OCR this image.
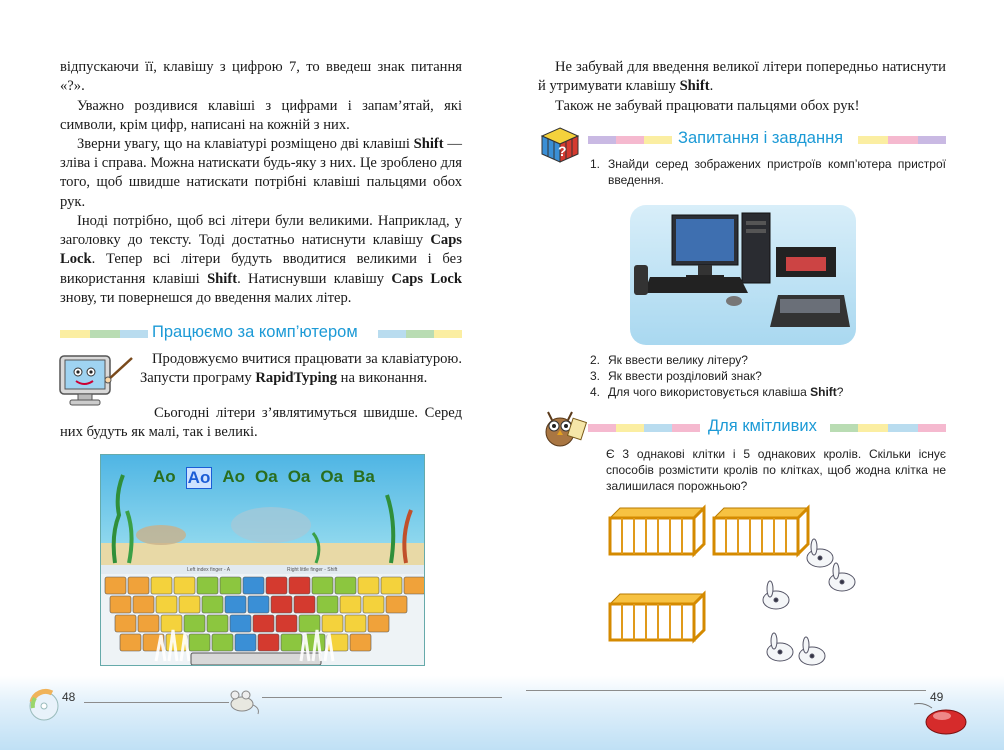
відпускаючи її, клавішу з цифрою 7, то введеш знак питання «?».

Уважно роздивися клавіші з цифрами і запам’ятай, які символи, крім цифр, написані на кожній з них.

Зверни увагу, що на клавіатурі розміщено дві клавіші Shift — зліва і справа. Можна натискати будь-яку з них. Це зроблено для того, щоб швидше натискати потрібні клавіші пальцями обох рук.

Іноді потрібно, щоб всі літери були великими. Наприклад, у заголовку до тексту. Тоді достатньо натиснути клавішу Caps Lock. Тепер всі літери будуть вводитися великими і без використання клавіші Shift. Натиснувши клавішу Caps Lock знову, ти повернешся до введення малих літер.

Працюємо за комп’ютером

Продовжуємо вчитися працювати за клавіатурою. Запусти програму RapidTyping на виконання.

Сьогодні літери з’являтимуться швидше. Серед них будуть як малі, так і великі.

Ao Ao Ao Oa Oa Oa Ba
Left index finger - A	Right little finger - Shift
48

Не забувай для введення великої літери попередньо натиснути й утримувати клавішу Shift.

Також не забувай працювати пальцями обох рук!

?
Запитання і завдання
1. Знайди серед зображених пристроїв комп’ютера пристрої введення.
2. Як ввести велику літеру?
3. Як ввести розділовий знак?
4. Для чого використовується клавіша Shift?
Для кмітливих
Є 3 однакові клітки і 5 однакових кролів. Скільки існує способів розмістити кролів по клітках, щоб жодна клітка не залишилася порожньою?
49
